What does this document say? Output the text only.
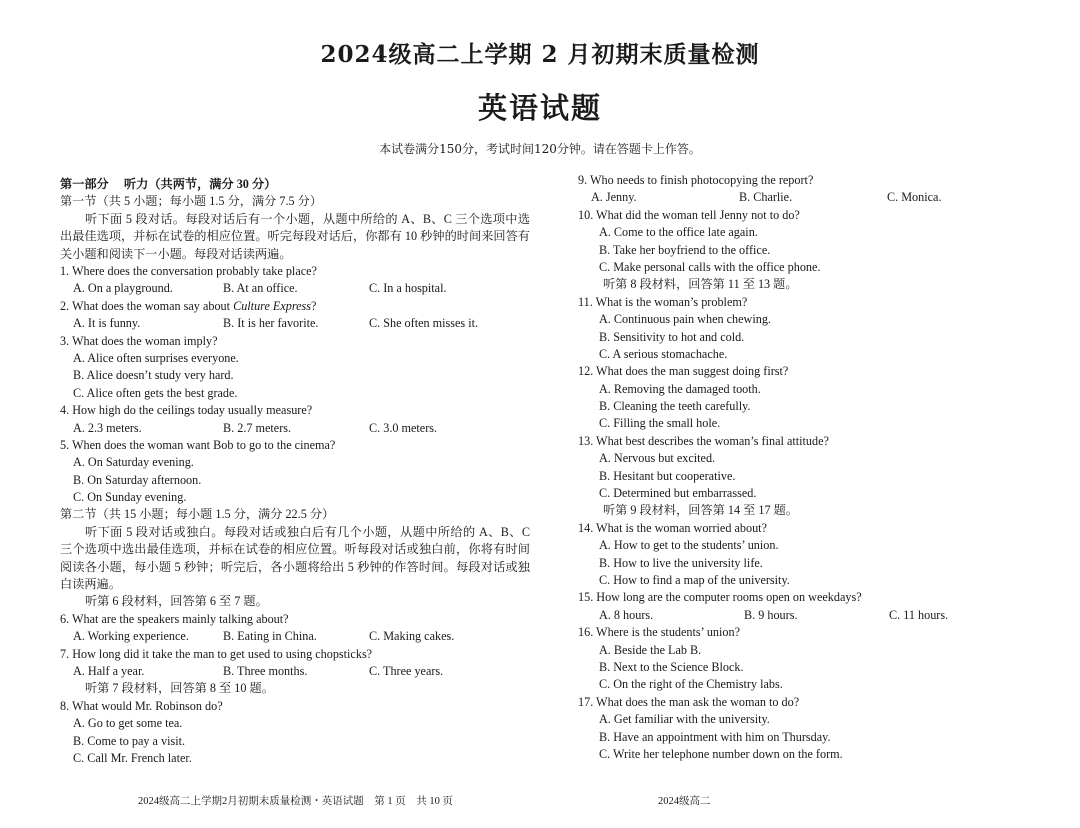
2024级高二上学期 2 月初期末质量检测
英语试题
本试卷满分150分，考试时间120分钟。请在答题卡上作答。
第一部分　 听力（共两节，满分 30 分）
第一节（共 5 小题；每小题 1.5 分，满分 7.5 分）
听下面 5 段对话。每段对话后有一个小题，从题中所给的 A、B、C 三个选项中选出最佳选项，并标在试卷的相应位置。听完每段对话后，你都有 10 秒钟的时间来回答有关小题和阅读下一小题。每段对话读两遍。
1. Where does the conversation probably take place?
A. On a playground.	B. At an office.	C. In a hospital.
2. What does the woman say about Culture Express?
A. It is funny.	B. It is her favorite.	C. She often misses it.
3. What does the woman imply?
A. Alice often surprises everyone.
B. Alice doesn’t study very hard.
C. Alice often gets the best grade.
4. How high do the ceilings today usually measure?
A. 2.3 meters.	B. 2.7 meters.	C. 3.0 meters.
5. When does the woman want Bob to go to the cinema?
A. On Saturday evening.
B. On Saturday afternoon.
C. On Sunday evening.
第二节（共 15 小题；每小题 1.5 分，满分 22.5 分）
听下面 5 段对话或独白。每段对话或独白后有几个小题，从题中所给的 A、B、C 三个选项中选出最佳选项，并标在试卷的相应位置。听每段对话或独白前，你将有时间阅读各小题，每小题 5 秒钟；听完后，各小题将给出 5 秒钟的作答时间。每段对话或独白读两遍。
听第 6 段材料，回答第 6 至 7 题。
6. What are the speakers mainly talking about?
A. Working experience.	B. Eating in China.	C. Making cakes.
7. How long did it take the man to get used to using chopsticks?
A. Half a year.	B. Three months.	C. Three years.
听第 7 段材料，回答第 8 至 10 题。
8. What would Mr. Robinson do?
A. Go to get some tea.
B. Come to pay a visit.
C. Call Mr. French later.
9. Who needs to finish photocopying the report?
A. Jenny.	B. Charlie.	C. Monica.
10. What did the woman tell Jenny not to do?
A. Come to the office late again.
B. Take her boyfriend to the office.
C. Make personal calls with the office phone.
听第 8 段材料，回答第 11 至 13 题。
11. What is the woman’s problem?
A. Continuous pain when chewing.
B. Sensitivity to hot and cold.
C. A serious stomachache.
12. What does the man suggest doing first?
A. Removing the damaged tooth.
B. Cleaning the teeth carefully.
C. Filling the small hole.
13. What best describes the woman’s final attitude?
A. Nervous but excited.
B. Hesitant but cooperative.
C. Determined but embarrassed.
听第 9 段材料，回答第 14 至 17 题。
14. What is the woman worried about?
A. How to get to the students’ union.
B. How to live the university life.
C. How to find a map of the university.
15. How long are the computer rooms open on weekdays?
A. 8 hours.	B. 9 hours.	C. 11 hours.
16. Where is the students’ union?
A. Beside the Lab B.
B. Next to the Science Block.
C. On the right of the Chemistry labs.
17. What does the man ask the woman to do?
A. Get familiar with the university.
B. Have an appointment with him on Thursday.
C. Write her telephone number down on the form.
2024级高二上学期2月初期末质量检测・英语试题　第 1 页　共 10 页	2024级高二
